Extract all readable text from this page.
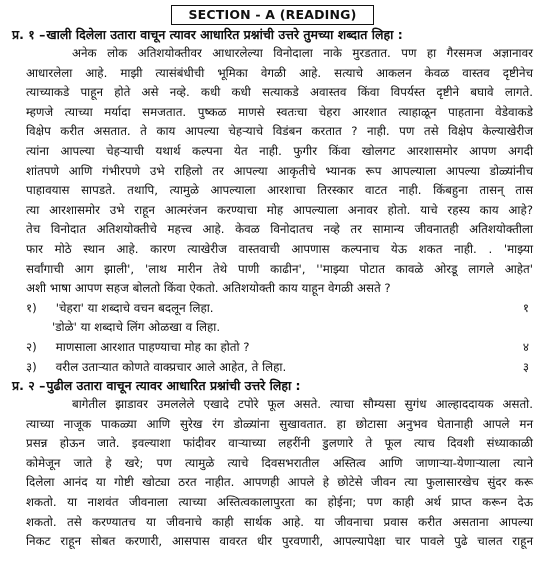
SECTION - A (READING)
प्र. १ – खाली दिलेला उतारा वाचून त्यावर आधारित प्रश्नांची उत्तरे तुमच्या शब्दात लिहा :
अनेक लोक अतिशयोक्तीवर आधारलेल्या विनोदाला नाके मुरडतात. पण हा गैरसमज अज्ञानावर
आधारलेला आहे. माझी त्यासंबंधीची भूमिका वेगळी आहे. सत्याचे आकलन केवळ वास्तव दृष्टीनेच
त्याच्याकडे पाहून होते असे नव्हे. कधी कधी सत्याकडे अवास्तव किंवा विपर्यस्त दृष्टीने बघावे लागते.
म्हणजे त्याच्या मर्यादा समजतात. पुष्कळ माणसे स्वतःचा चेहरा आरशात त्याहाळून पाहताना वेडेवाकडे
विक्षेप करीत असतात. ते काय आपल्या चेहऱ्याचे विडंबन करतात ? नाही. पण तसे विक्षेप केल्याखेरीज
त्यांना आपल्या चेहऱ्याची यथार्थ कल्पना येत नाही. फुगीर किंवा खोलगट आरशासमोर आपण अगदी
शांतपणे आणि गंभीरपणे उभे राहिलो तर आपल्या आकृतीचे भ्यानक रूप आपल्याला आपल्या डोळ्यांनीच
पाहावयास सापडते. तथापि, त्यामुळे आपल्याला आरशाचा तिरस्कार वाटत नाही. किंबहुना तासन् तास
त्या आरशासमोर उभे राहून आत्मरंजन करण्याचा मोह आपल्याला अनावर होतो. याचे रहस्य काय आहे?
तेच विनोदात अतिशयोक्तीचे महत्त्व आहे. केवळ विनोदातच नव्हे तर सामान्य जीवनातही अतिशयोक्तीला
फार मोठे स्थान आहे. कारण त्याखेरीज वास्तवाची आपणास कल्पनाच येऊ शकत नाही. . 'माझ्या
सर्वांगाची आग झाली', 'लाथ मारीन तेथे पाणी काढीन', ''माझ्या पोटात कावळे ओरडू लागले आहेत'
अशी भाषा आपण सहज बोलतो किंवा ऐकतो. अतिशयोक्ती काय याहून वेगळी असते ?
१) 'चेहरा' या शब्दाचे वचन बदलून लिहा.	१
'डोळे' या शब्दाचे लिंग ओळखा व लिहा.
२) माणसाला आरशात पाहण्याचा मोह का होतो ?	४
३) वरील उताऱ्यात कोणते वाक्प्रचार आले आहेत, ते लिहा.	३
प्र. २ – पुढील उतारा वाचून त्यावर आधारित प्रश्नांची उत्तरे लिहा :
बागेतील झाडावर उमललेले एखादे टपोरे फूल असते. त्याचा सौम्यसा सुगंध आल्हाददायक असतो.
त्याच्या नाजूक पाकळ्या आणि सुरेख रंग डोळ्यांना सुखावतात. हा छोटासा अनुभव घेतानाही आपले मन
प्रसन्न होऊन जाते. इवल्याशा फांदीवर वाऱ्याच्या लहरींनी डुलणारे ते फूल त्याच दिवशी संध्याकाळी
कोमेजून जाते हे खरे; पण त्यामुळे त्याचे दिवसभरातील अस्तित्व आणि जाणाऱ्या-येणाऱ्याला त्याने
दिलेला आनंद या गोष्टी खोट्या ठरत नाहीत. आपणही आपले हे छोटेसे जीवन त्या फुलासारखेच सुंदर करू
शकतो. या नाशवंत जीवनाला त्याच्या अस्तित्वकालापुरता का होईना; पण काही अर्थ प्राप्त करून देऊ
शकतो. तसे करण्यातच या जीवनाचे काही सार्थक आहे. या जीवनाचा प्रवास करीत असताना आपल्या
निकट राहून सोबत करणारी, आसपास वावरत धीर पुरवणारी, आपल्यापेक्षा चार पावले पुढे चालत राहून
